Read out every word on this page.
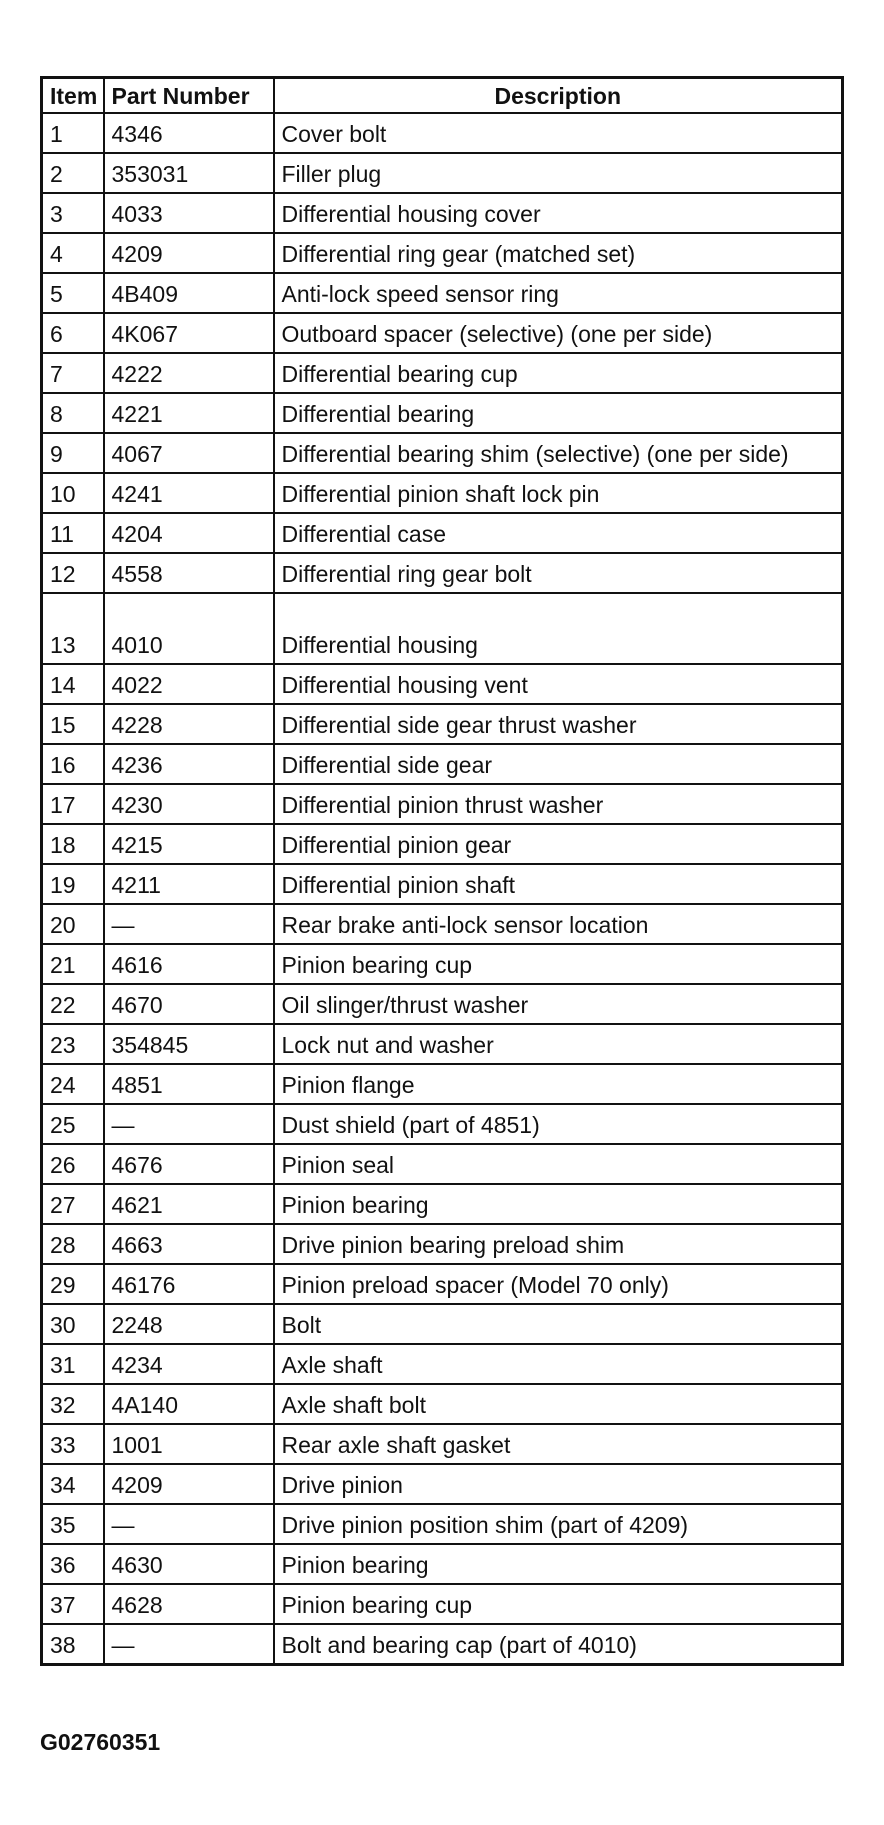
Item	Part Number	Description
1	4346	Cover bolt
2	353031	Filler plug
3	4033	Differential housing cover
4	4209	Differential ring gear (matched set)
5	4B409	Anti-lock speed sensor ring
6	4K067	Outboard spacer (selective) (one per side)
7	4222	Differential bearing cup
8	4221	Differential bearing
9	4067	Differential bearing shim (selective) (one per side)
10	4241	Differential pinion shaft lock pin
11	4204	Differential case
12	4558	Differential ring gear bolt
13	4010	Differential housing
14	4022	Differential housing vent
15	4228	Differential side gear thrust washer
16	4236	Differential side gear
17	4230	Differential pinion thrust washer
18	4215	Differential pinion gear
19	4211	Differential pinion shaft
20	—	Rear brake anti-lock sensor location
21	4616	Pinion bearing cup
22	4670	Oil slinger/thrust washer
23	354845	Lock nut and washer
24	4851	Pinion flange
25	—	Dust shield (part of 4851)
26	4676	Pinion seal
27	4621	Pinion bearing
28	4663	Drive pinion bearing preload shim
29	46176	Pinion preload spacer (Model 70 only)
30	2248	Bolt
31	4234	Axle shaft
32	4A140	Axle shaft bolt
33	1001	Rear axle shaft gasket
34	4209	Drive pinion
35	—	Drive pinion position shim (part of 4209)
36	4630	Pinion bearing
37	4628	Pinion bearing cup
38	—	Bolt and bearing cap (part of 4010)
G02760351
